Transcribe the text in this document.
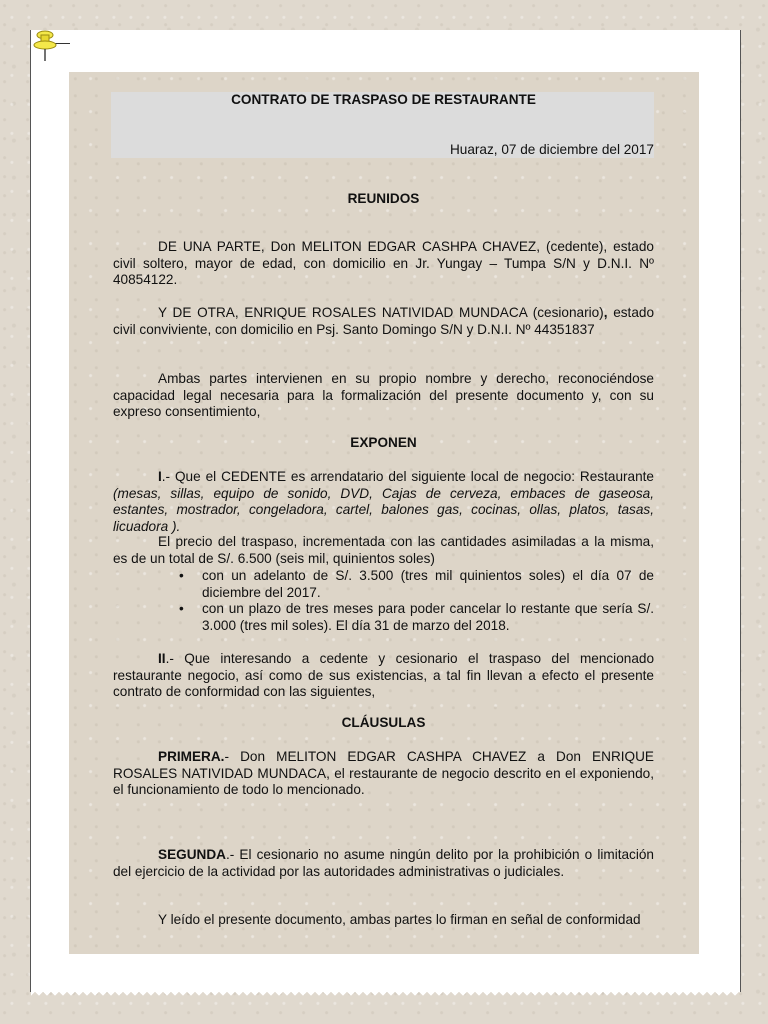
CONTRATO DE TRASPASO DE RESTAURANTE
Huaraz, 07 de diciembre del 2017
REUNIDOS
DE UNA PARTE, Don MELITON EDGAR CASHPA CHAVEZ, (cedente), estado civil soltero, mayor de edad, con domicilio en Jr. Yungay – Tumpa S/N y D.N.I. Nº 40854122.
Y DE OTRA, ENRIQUE ROSALES NATIVIDAD MUNDACA (cesionario), estado civil conviviente, con domicilio en Psj. Santo Domingo S/N y D.N.I. Nº 44351837
Ambas partes intervienen en su propio nombre y derecho, reconociéndose capacidad legal necesaria para la formalización del presente documento y, con su expreso consentimiento,
EXPONEN
I.- Que el CEDENTE es arrendatario del siguiente local de negocio: Restaurante (mesas, sillas, equipo de sonido, DVD, Cajas de cerveza, embaces de gaseosa, estantes, mostrador, congeladora, cartel, balones gas, cocinas, ollas, platos, tasas, licuadora ).
El precio del traspaso, incrementada con las cantidades asimiladas a la misma, es de un total de S/. 6.500 (seis mil, quinientos soles)
• con un adelanto de S/. 3.500 (tres mil quinientos soles) el día 07 de diciembre del 2017.
• con un plazo de tres meses para poder cancelar lo restante que sería S/. 3.000 (tres mil soles). El día 31 de marzo del 2018.
II.- Que interesando a cedente y cesionario el traspaso del mencionado restaurante negocio, así como de sus existencias, a tal fin llevan a efecto el presente contrato de conformidad con las siguientes,
CLÁUSULAS
PRIMERA.- Don MELITON EDGAR CASHPA CHAVEZ a Don ENRIQUE ROSALES NATIVIDAD MUNDACA, el restaurante de negocio descrito en el exponiendo, el funcionamiento de todo lo mencionado.
SEGUNDA.- El cesionario no asume ningún delito por la prohibición o limitación del ejercicio de la actividad por las autoridades administrativas o judiciales.
Y leído el presente documento, ambas partes lo firman en señal de conformidad
